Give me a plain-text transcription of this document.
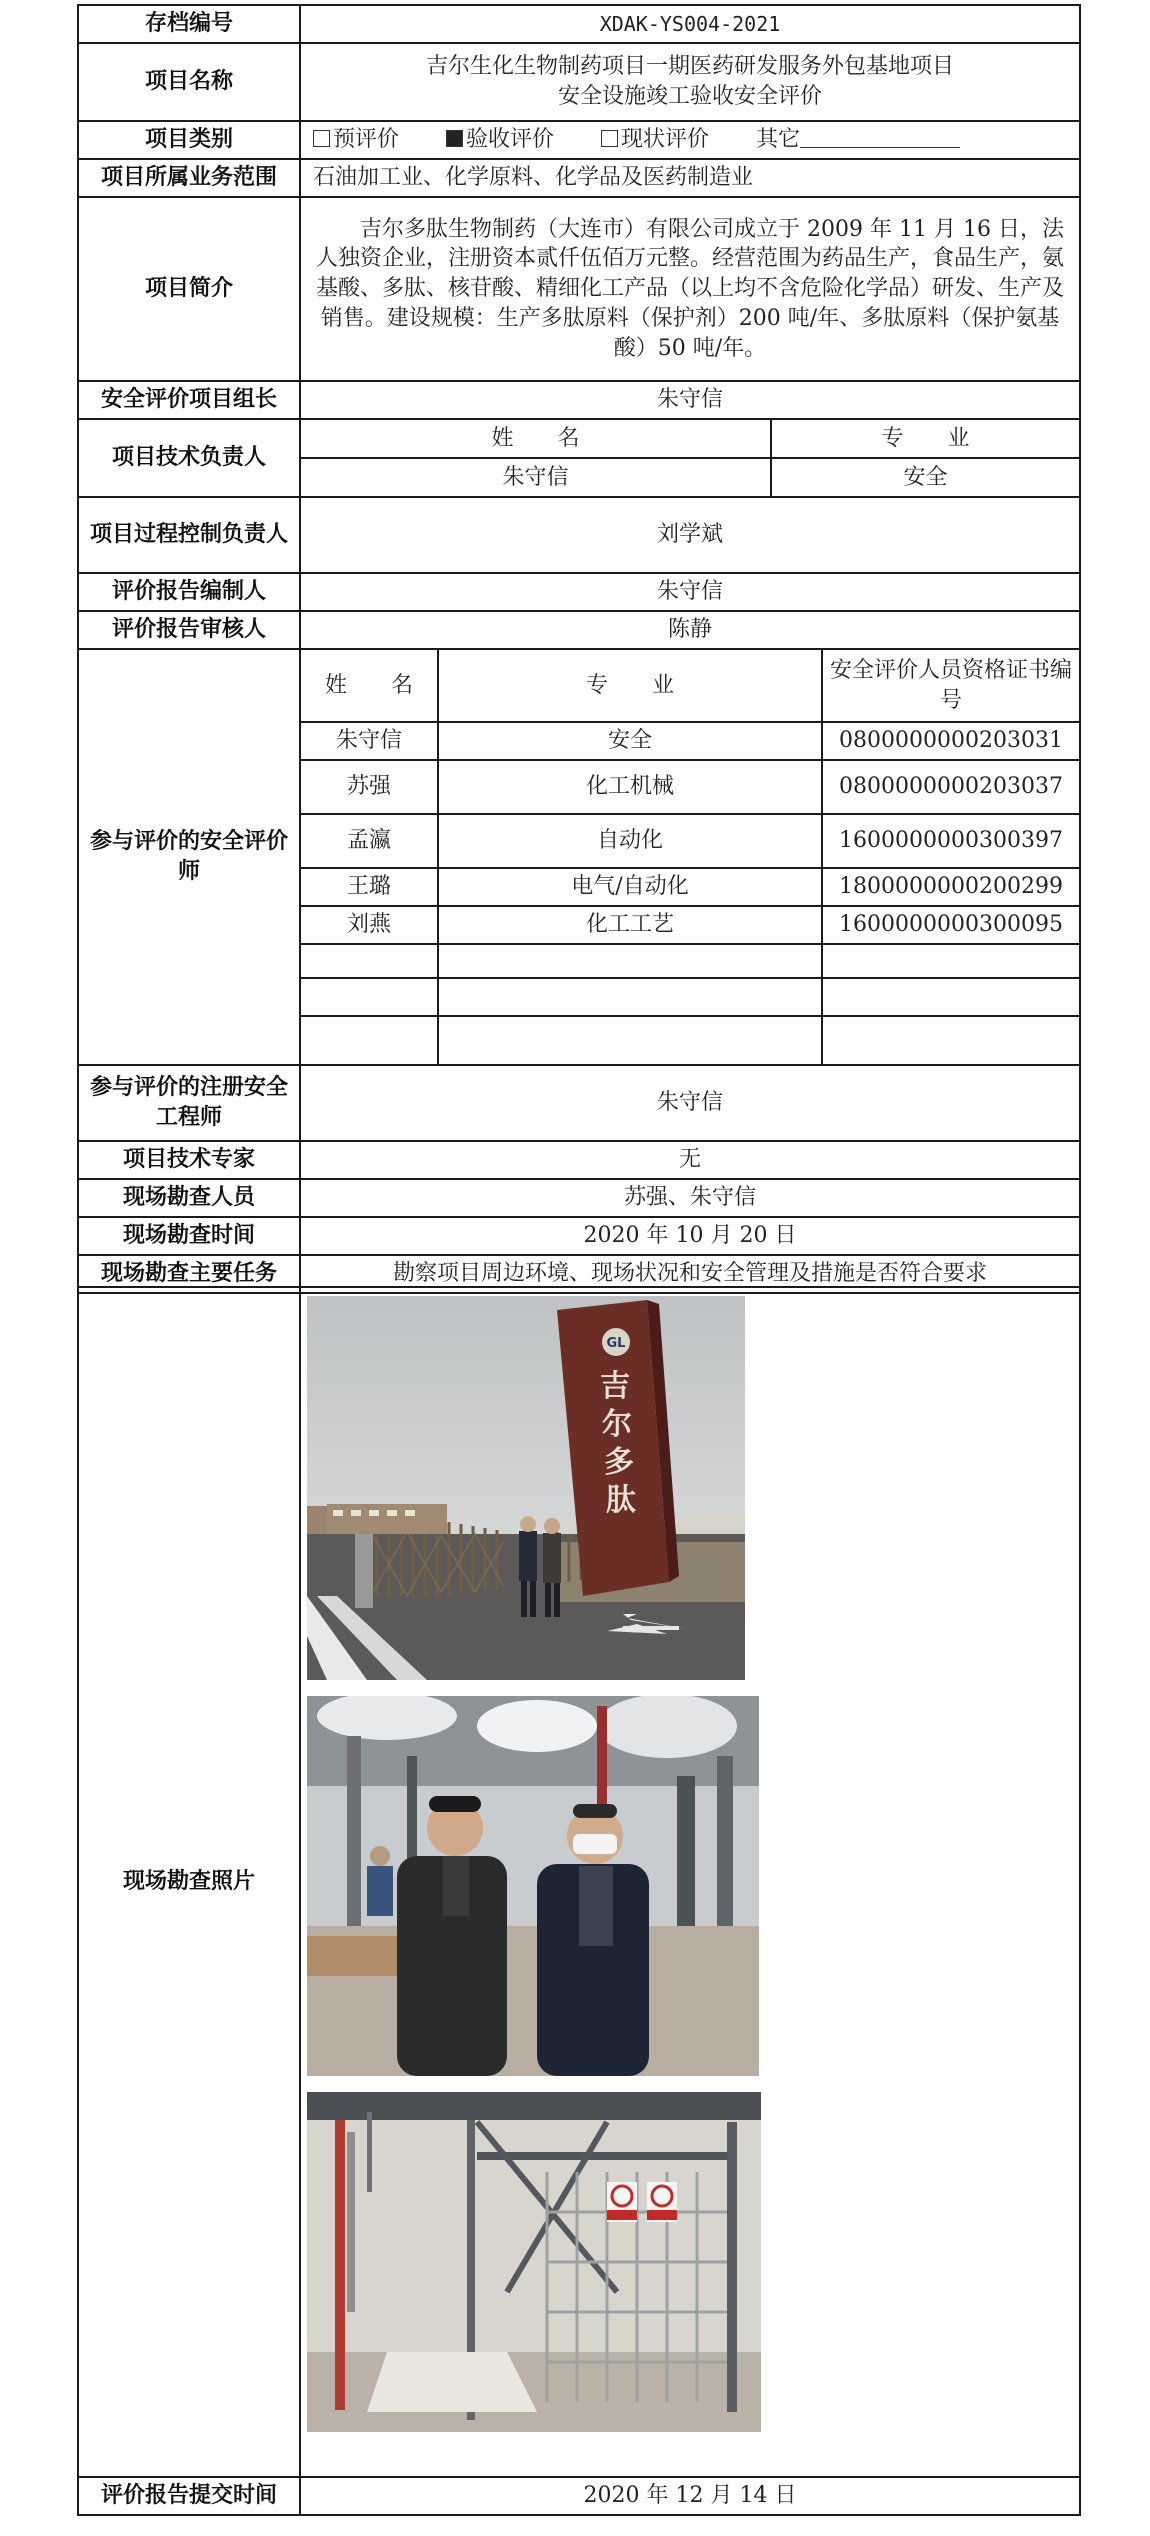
存档编号	XDAK-YS004-2021
项目名称	
吉尔生化生物制药项目一期医药研发服务外包基地项目
安全设施竣工验收安全评价

项目类别	预评价	验收评价	现状评价 其它
项目所属业务范围	石油加工业、化学原料、化学品及医药制造业
项目简介	吉尔多肽生物制药（大连市）有限公司成立于 2009 年 11 月 16 日，法人独资企业，注册资本贰仟伍佰万元整。经营范围为药品生产，食品生产，氨基酸、多肽、核苷酸、精细化工产品（以上均不含危险化学品）研发、生产及销售。建设规模：生产多肽原料（保护剂）200 吨/年、多肽原料（保护氨基酸）50 吨/年。
安全评价项目组长	朱守信
项目技术负责人	
姓　　名	专　　业
朱守信	安全

项目过程控制负责人	刘学斌
评价报告编制人	朱守信
评价报告审核人	陈静
参与评价的安全评价师	
姓　　名	专　　业	安全评价人员资格证书编号
朱守信	安全	0800000000203031
苏强	化工机械	0800000000203037
孟瀛	自动化	1600000000300397
王璐	电气/自动化	1800000000200299
刘燕	化工工艺	1600000000300095

参与评价的注册安全工程师	朱守信
项目技术专家	无
现场勘查人员	苏强、朱守信
现场勘查时间	2020 年 10 月 20 日
现场勘查主要任务	勘察项目周边环境、现场状况和安全管理及措施是否符合要求
现场勘查照片	GL
吉 尔 多 肽

评价报告提交时间	2020 年 12 月 14 日
